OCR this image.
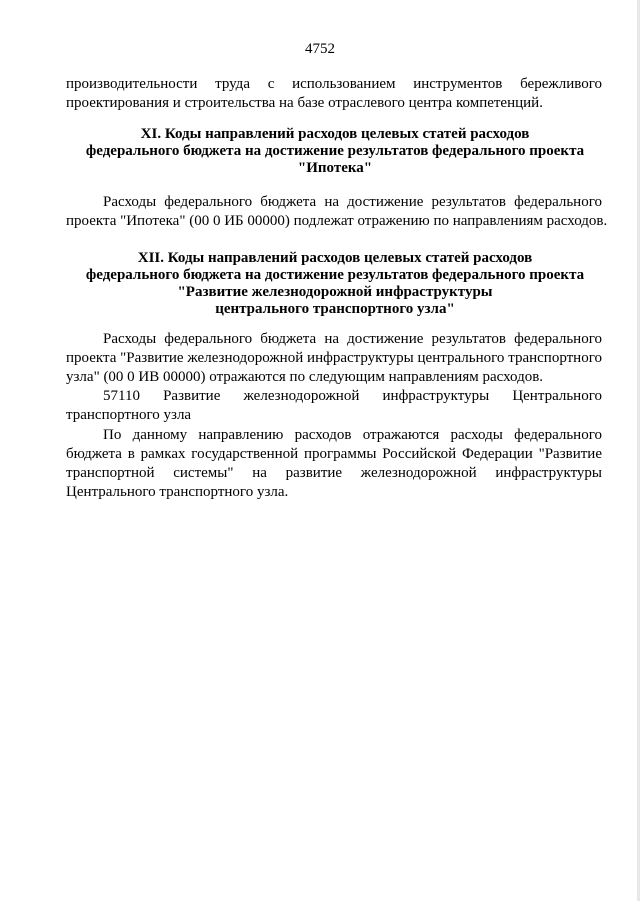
4752
производительности труда с использованием инструментов бережливого
проектирования и строительства на базе отраслевого центра компетенций.
XI. Коды направлений расходов целевых статей расходов
федерального бюджета на достижение результатов федерального проекта
"Ипотека"
Расходы федерального бюджета на достижение результатов федерального
проекта "Ипотека" (00 0 ИБ 00000) подлежат отражению по направлениям расходов.
XII. Коды направлений расходов целевых статей расходов
федерального бюджета на достижение результатов федерального проекта
"Развитие железнодорожной инфраструктуры
центрального транспортного узла"
Расходы федерального бюджета на достижение результатов федерального
проекта "Развитие железнодорожной инфраструктуры центрального транспортного
узла" (00 0 ИВ 00000) отражаются по следующим направлениям расходов.
57110 Развитие железнодорожной инфраструктуры Центрального
транспортного узла
По данному направлению расходов отражаются расходы федерального
бюджета в рамках государственной программы Российской Федерации "Развитие
транспортной системы" на развитие железнодорожной инфраструктуры
Центрального транспортного узла.
